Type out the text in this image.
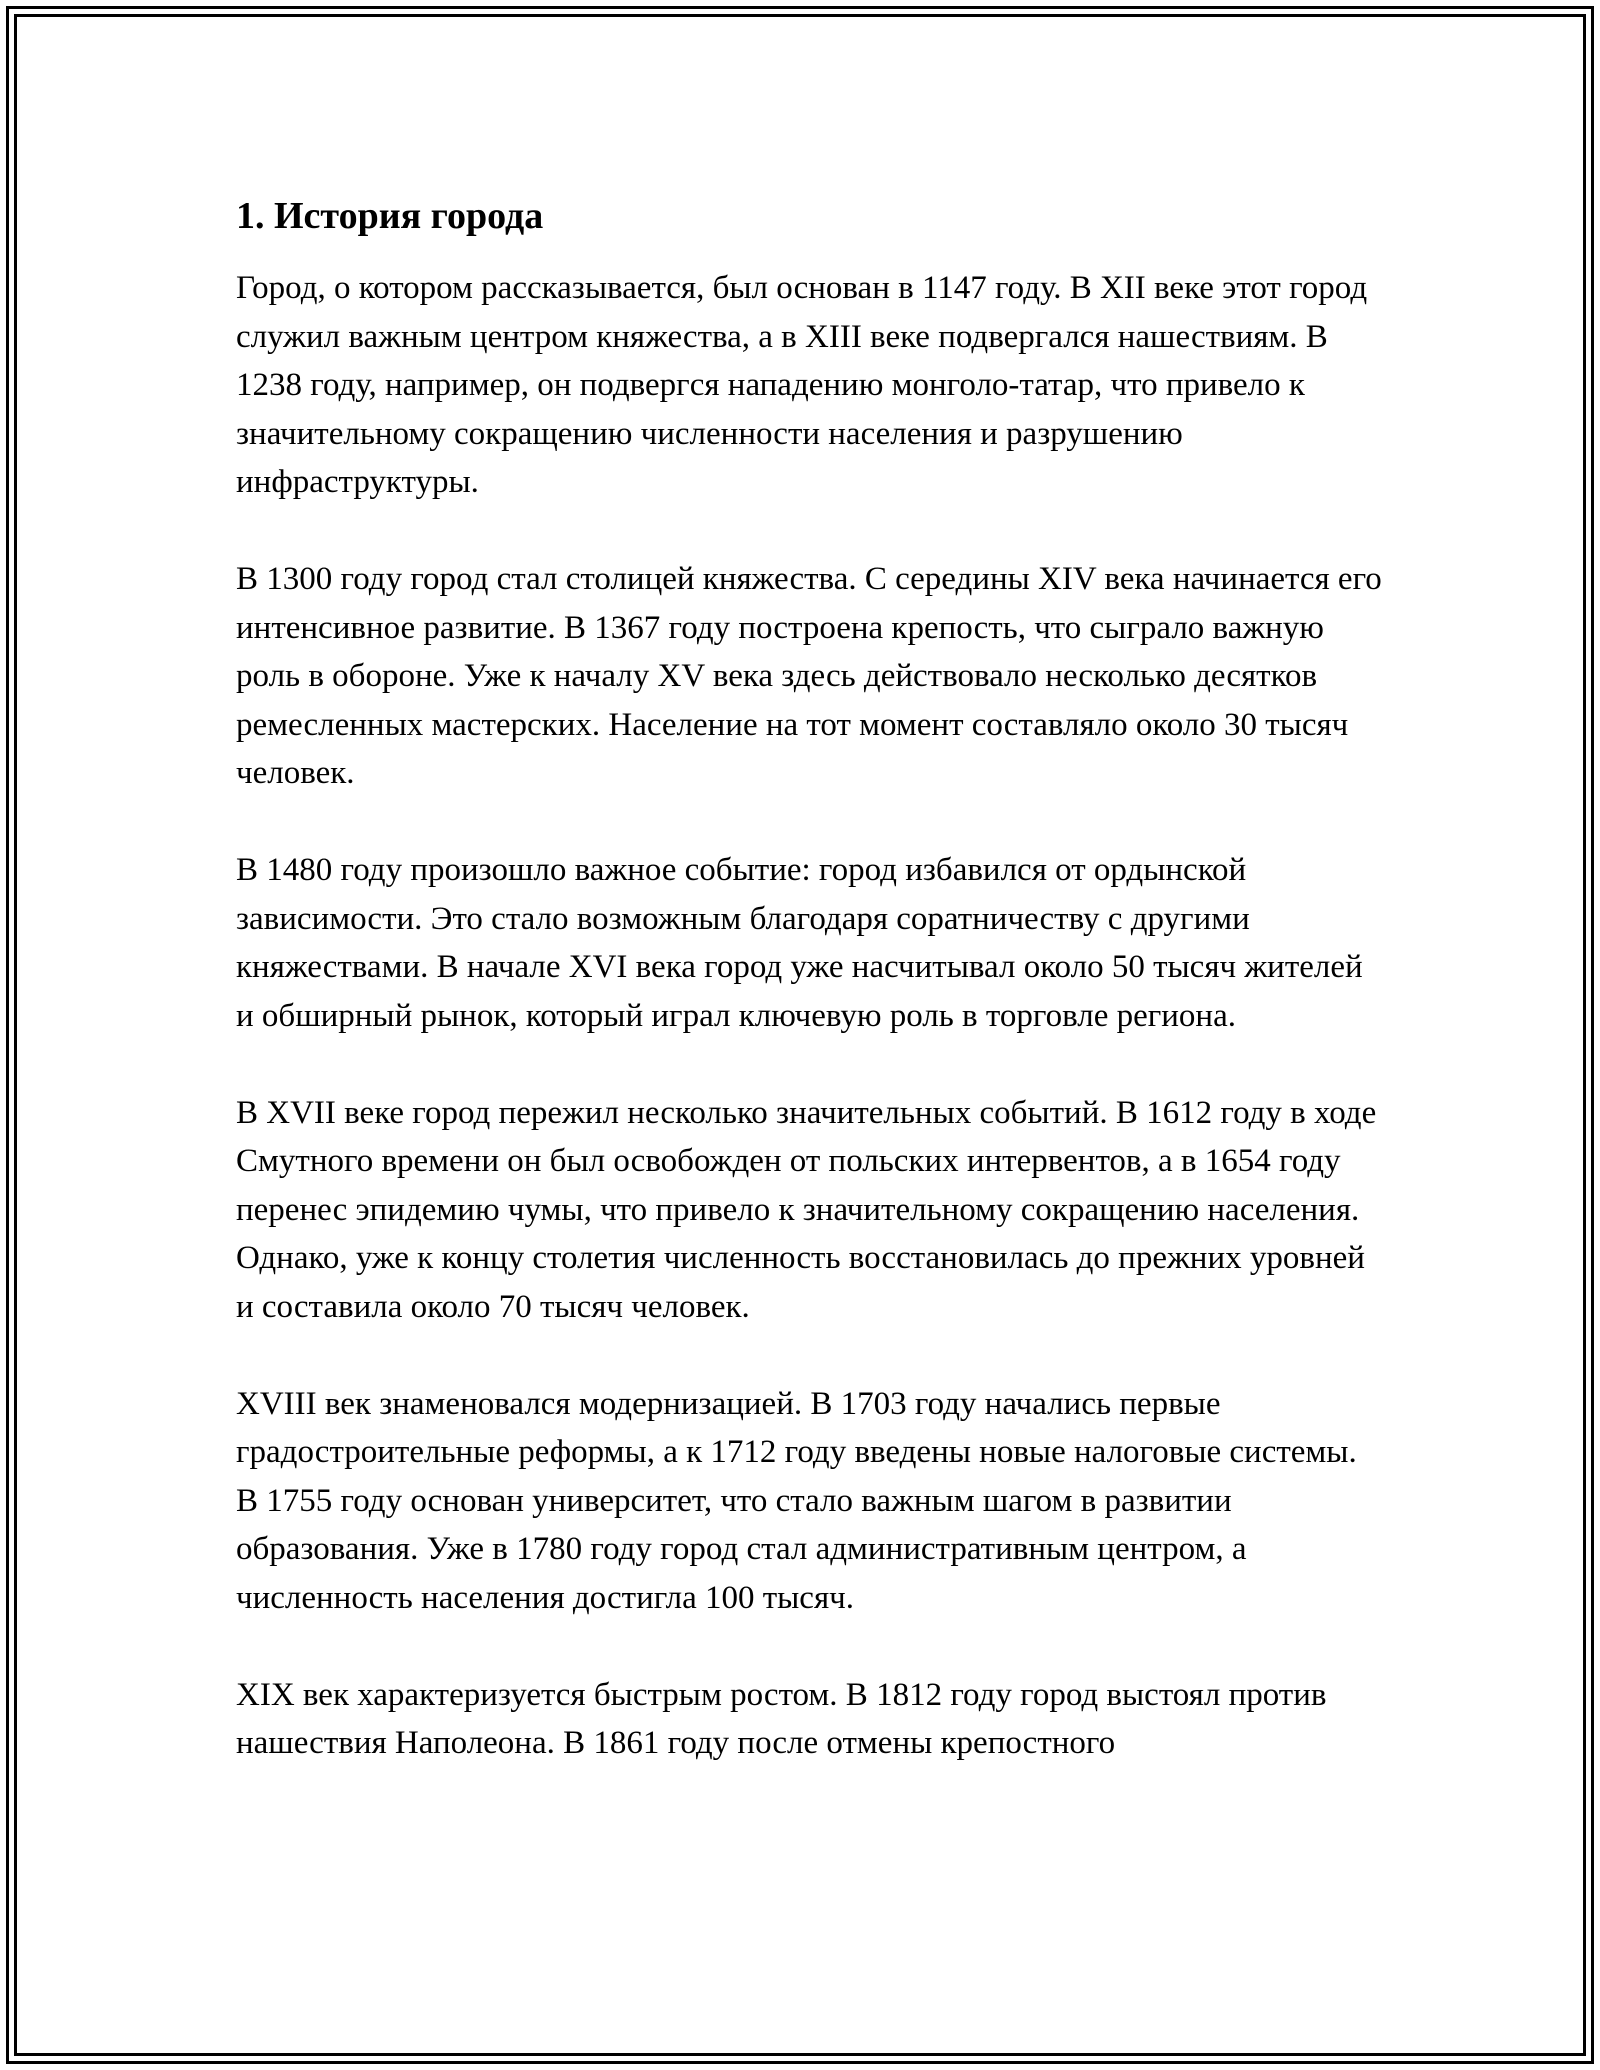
1. История города

Город, о котором рассказывается, был основан в 1147 году. В XII веке этот город служил важным центром княжества, а в XIII веке подвергался нашествиям. В 1238 году, например, он подвергся нападению монголо-татар, что привело к значительному сокращению численности населения и разрушению инфраструктуры.

В 1300 году город стал столицей княжества. С середины XIV века начинается его интенсивное развитие. В 1367 году построена крепость, что сыграло важную роль в обороне. Уже к началу XV века здесь действовало несколько десятков ремесленных мастерских. Население на тот момент составляло около 30 тысяч человек.

В 1480 году произошло важное событие: город избавился от ордынской зависимости. Это стало возможным благодаря соратничеству с другими княжествами. В начале XVI века город уже насчитывал около 50 тысяч жителей и обширный рынок, который играл ключевую роль в торговле региона.

В XVII веке город пережил несколько значительных событий. В 1612 году в ходе Смутного времени он был освобожден от польских интервентов, а в 1654 году перенес эпидемию чумы, что привело к значительному сокращению населения. Однако, уже к концу столетия численность восстановилась до прежних уровней и составила около 70 тысяч человек.

XVIII век знаменовался модернизацией. В 1703 году начались первые градостроительные реформы, а к 1712 году введены новые налоговые системы. В 1755 году основан университет, что стало важным шагом в развитии образования. Уже в 1780 году город стал административным центром, а численность населения достигла 100 тысяч.

XIX век характеризуется быстрым ростом. В 1812 году город выстоял против нашествия Наполеона. В 1861 году после отмены крепостного
